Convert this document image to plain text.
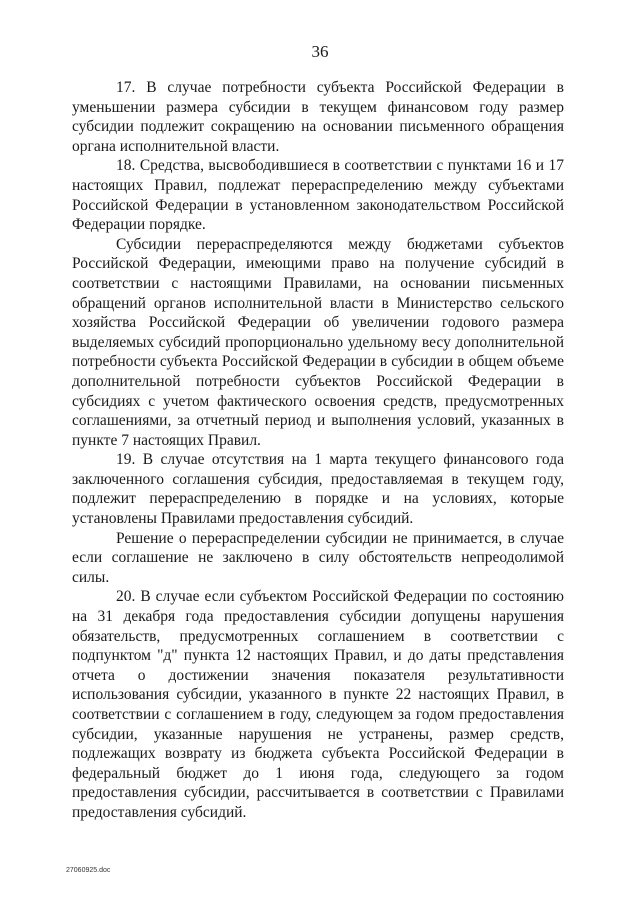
36

17. В случае потребности субъекта Российской Федерации в уменьшении размера субсидии в текущем финансовом году размер субсидии подлежит сокращению на основании письменного обращения органа исполнительной власти.

18. Средства, высвободившиеся в соответствии с пунктами 16 и 17 настоящих Правил, подлежат перераспределению между субъектами Российской Федерации в установленном законодательством Российской Федерации порядке.

Субсидии перераспределяются между бюджетами субъектов Российской Федерации, имеющими право на получение субсидий в соответствии с настоящими Правилами, на основании письменных обращений органов исполнительной власти в Министерство сельского хозяйства Российской Федерации об увеличении годового размера выделяемых субсидий пропорционально удельному весу дополнительной потребности субъекта Российской Федерации в субсидии в общем объеме дополнительной потребности субъектов Российской Федерации в субсидиях с учетом фактического освоения средств, предусмотренных соглашениями, за отчетный период и выполнения условий, указанных в пункте 7 настоящих Правил.

19. В случае отсутствия на 1 марта текущего финансового года заключенного соглашения субсидия, предоставляемая в текущем году, подлежит перераспределению в порядке и на условиях, которые установлены Правилами предоставления субсидий.

Решение о перераспределении субсидии не принимается, в случае если соглашение не заключено в силу обстоятельств непреодолимой силы.

20. В случае если субъектом Российской Федерации по состоянию на 31 декабря года предоставления субсидии допущены нарушения обязательств, предусмотренных соглашением в соответствии с подпунктом "д" пункта 12 настоящих Правил, и до даты представления отчета о достижении значения показателя результативности использования субсидии, указанного в пункте 22 настоящих Правил, в соответствии с соглашением в году, следующем за годом предоставления субсидии, указанные нарушения не устранены, размер средств, подлежащих возврату из бюджета субъекта Российской Федерации в федеральный бюджет до 1 июня года, следующего за годом предоставления субсидии, рассчитывается в соответствии с Правилами предоставления субсидий.

27060925.doc
